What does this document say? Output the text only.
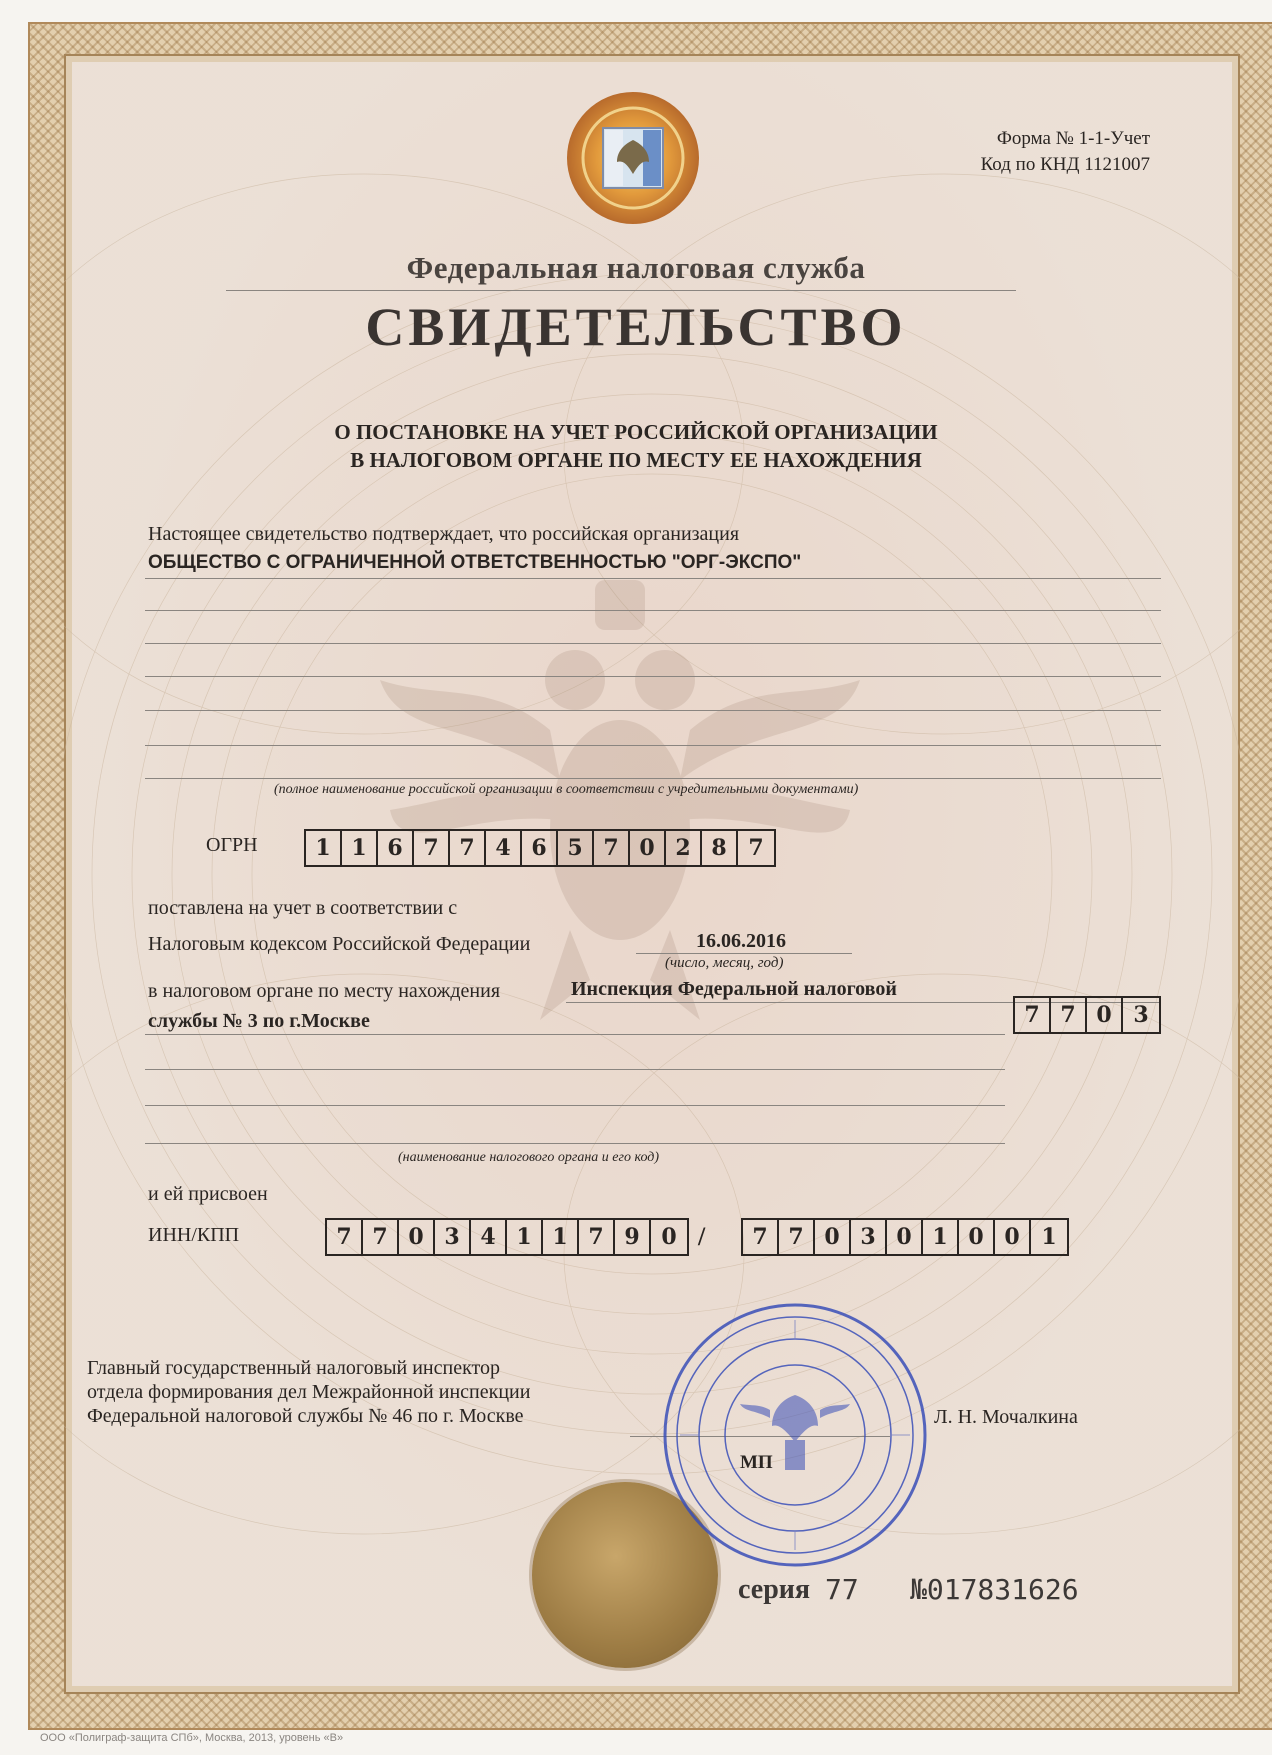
Форма № 1-1-Учет
Код по КНД 1121007
Федеральная налоговая служба
СВИДЕТЕЛЬСТВО
О ПОСТАНОВКЕ НА УЧЕТ РОССИЙСКОЙ ОРГАНИЗАЦИИ
В НАЛОГОВОМ ОРГАНЕ ПО МЕСТУ ЕЕ НАХОЖДЕНИЯ
Настоящее свидетельство подтверждает, что российская организация
ОБЩЕСТВО С ОГРАНИЧЕННОЙ ОТВЕТСТВЕННОСТЬЮ "ОРГ-ЭКСПО"
(полное наименование российской организации в соответствии с учредительными документами)
ОГРН	1 1 6 7 7 4 6 5 7 0 2 8 7
поставлена на учет в соответствии с
Налоговым кодексом Российской Федерации	16.06.2016
(число, месяц, год)
в налоговом органе по месту нахождения	Инспекция Федеральной налоговой
службы № 3 по г.Москве	7 7 0 3
(наименование налогового органа и его код)
и ей присвоен
ИНН/КПП	7 7 0 3 4 1 1 7 9 0 /	7 7 0 3 0 1 0 0 1
Главный государственный налоговый инспектор
отдела формирования дел Межрайонной инспекции
Федеральной налоговой службы № 46 по г. Москве	Л. Н. Мочалкина
МП
серия 77 №017831626
ООО «Полиграф-защита СПб», Москва, 2013, уровень «В»
